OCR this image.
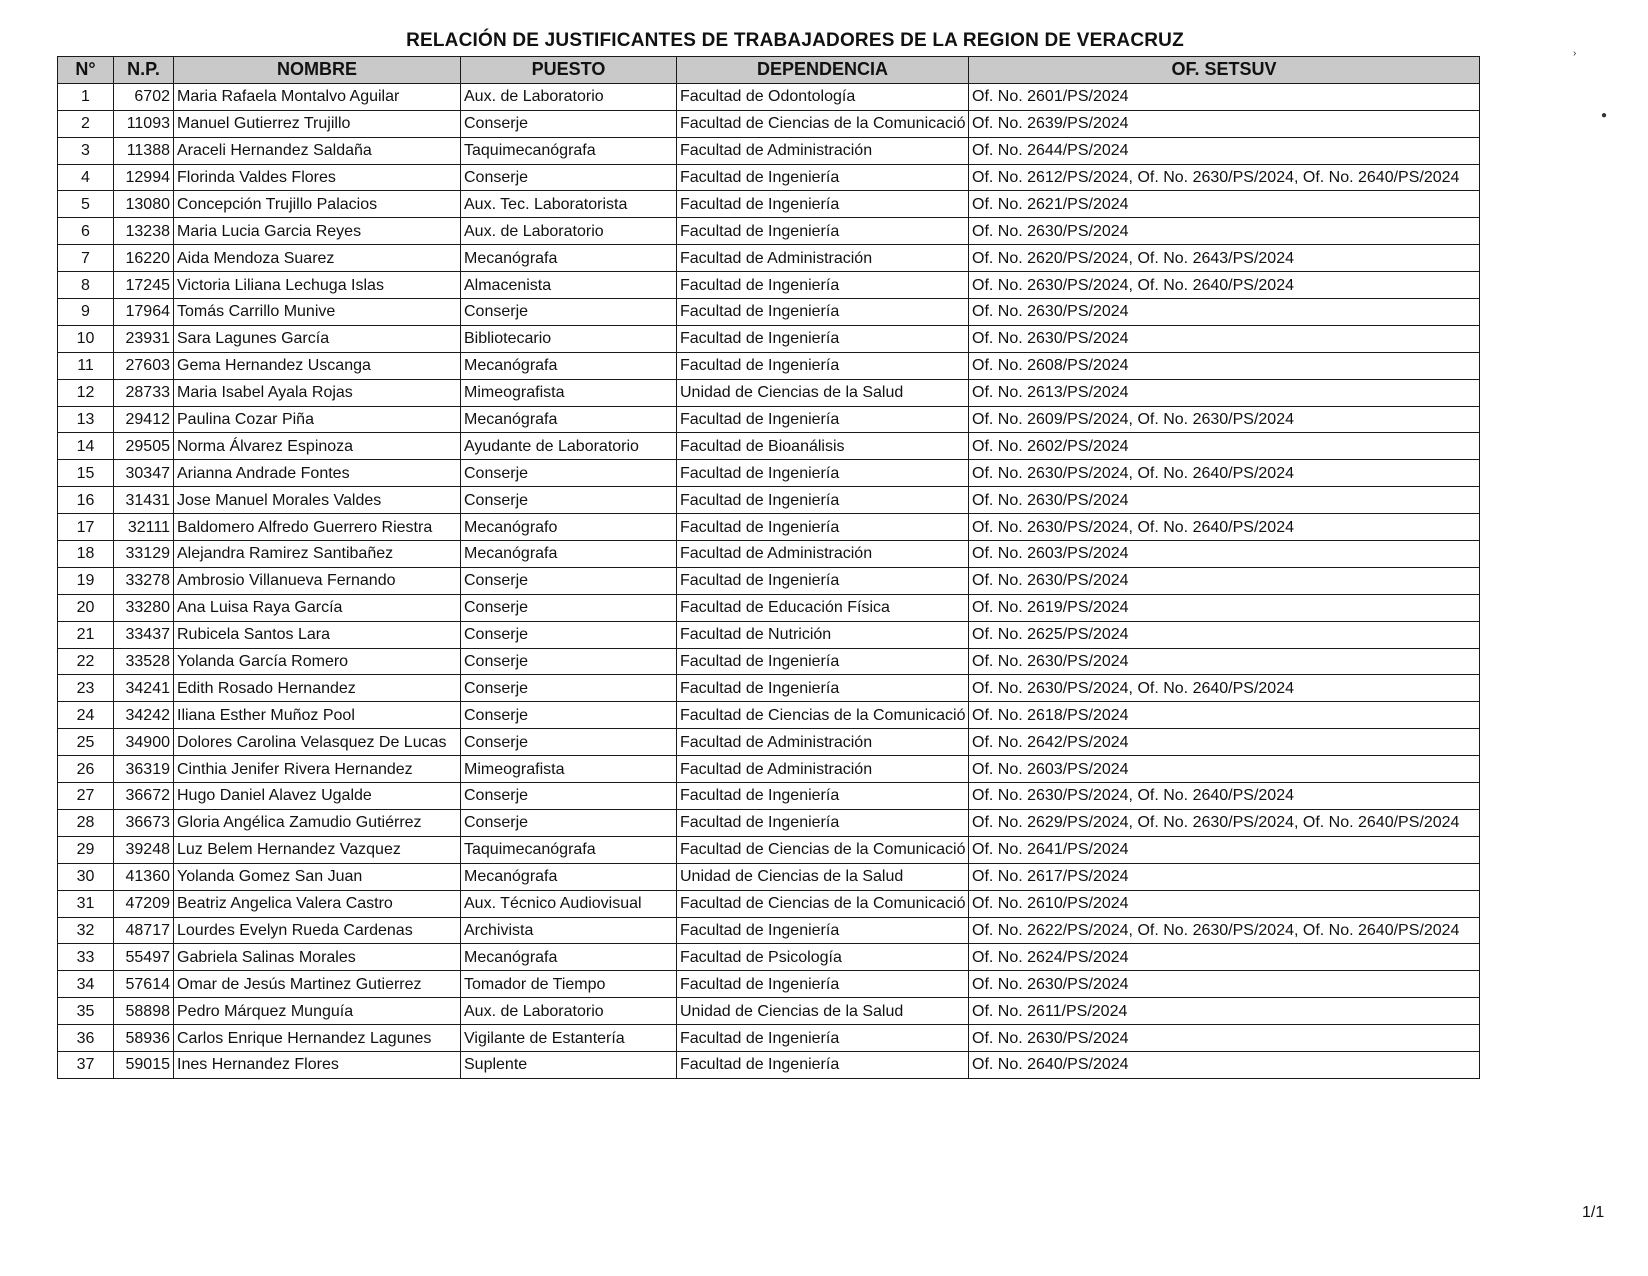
RELACIÓN DE JUSTIFICANTES DE TRABAJADORES DE LA REGION DE VERACRUZ
N°	N.P.	NOMBRE	PUESTO	DEPENDENCIA	OF. SETSUV
1	6702	Maria Rafaela Montalvo Aguilar	Aux. de Laboratorio	Facultad de Odontología	Of. No. 2601/PS/2024
2	11093	Manuel Gutierrez Trujillo	Conserje	Facultad de Ciencias de la Comunicació	Of. No. 2639/PS/2024
3	11388	Araceli Hernandez Saldaña	Taquimecanógrafa	Facultad de Administración	Of. No. 2644/PS/2024
4	12994	Florinda Valdes Flores	Conserje	Facultad de Ingeniería	Of. No. 2612/PS/2024, Of. No. 2630/PS/2024, Of. No. 2640/PS/2024
5	13080	Concepción Trujillo Palacios	Aux. Tec. Laboratorista	Facultad de Ingeniería	Of. No. 2621/PS/2024
6	13238	Maria Lucia Garcia Reyes	Aux. de Laboratorio	Facultad de Ingeniería	Of. No. 2630/PS/2024
7	16220	Aida Mendoza Suarez	Mecanógrafa	Facultad de Administración	Of. No. 2620/PS/2024, Of. No. 2643/PS/2024
8	17245	Victoria Liliana Lechuga Islas	Almacenista	Facultad de Ingeniería	Of. No. 2630/PS/2024, Of. No. 2640/PS/2024
9	17964	Tomás Carrillo Munive	Conserje	Facultad de Ingeniería	Of. No. 2630/PS/2024
10	23931	Sara Lagunes García	Bibliotecario	Facultad de Ingeniería	Of. No. 2630/PS/2024
11	27603	Gema Hernandez Uscanga	Mecanógrafa	Facultad de Ingeniería	Of. No. 2608/PS/2024
12	28733	Maria Isabel Ayala Rojas	Mimeografista	Unidad de Ciencias de la Salud	Of. No. 2613/PS/2024
13	29412	Paulina Cozar Piña	Mecanógrafa	Facultad de Ingeniería	Of. No. 2609/PS/2024, Of. No. 2630/PS/2024
14	29505	Norma Álvarez Espinoza	Ayudante de Laboratorio	Facultad de Bioanálisis	Of. No. 2602/PS/2024
15	30347	Arianna Andrade Fontes	Conserje	Facultad de Ingeniería	Of. No. 2630/PS/2024, Of. No. 2640/PS/2024
16	31431	Jose Manuel Morales Valdes	Conserje	Facultad de Ingeniería	Of. No. 2630/PS/2024
17	32111	Baldomero Alfredo Guerrero Riestra	Mecanógrafo	Facultad de Ingeniería	Of. No. 2630/PS/2024, Of. No. 2640/PS/2024
18	33129	Alejandra Ramirez Santibañez	Mecanógrafa	Facultad de Administración	Of. No. 2603/PS/2024
19	33278	Ambrosio Villanueva Fernando	Conserje	Facultad de Ingeniería	Of. No. 2630/PS/2024
20	33280	Ana Luisa Raya García	Conserje	Facultad de Educación Física	Of. No. 2619/PS/2024
21	33437	Rubicela Santos Lara	Conserje	Facultad de Nutrición	Of. No. 2625/PS/2024
22	33528	Yolanda García Romero	Conserje	Facultad de Ingeniería	Of. No. 2630/PS/2024
23	34241	Edith Rosado Hernandez	Conserje	Facultad de Ingeniería	Of. No. 2630/PS/2024, Of. No. 2640/PS/2024
24	34242	Iliana Esther Muñoz Pool	Conserje	Facultad de Ciencias de la Comunicació	Of. No. 2618/PS/2024
25	34900	Dolores Carolina Velasquez De Lucas	Conserje	Facultad de Administración	Of. No. 2642/PS/2024
26	36319	Cinthia Jenifer Rivera Hernandez	Mimeografista	Facultad de Administración	Of. No. 2603/PS/2024
27	36672	Hugo Daniel Alavez Ugalde	Conserje	Facultad de Ingeniería	Of. No. 2630/PS/2024, Of. No. 2640/PS/2024
28	36673	Gloria Angélica Zamudio Gutiérrez	Conserje	Facultad de Ingeniería	Of. No. 2629/PS/2024, Of. No. 2630/PS/2024, Of. No. 2640/PS/2024
29	39248	Luz Belem Hernandez Vazquez	Taquimecanógrafa	Facultad de Ciencias de la Comunicació	Of. No. 2641/PS/2024
30	41360	Yolanda Gomez San Juan	Mecanógrafa	Unidad de Ciencias de la Salud	Of. No. 2617/PS/2024
31	47209	Beatriz Angelica Valera Castro	Aux. Técnico Audiovisual	Facultad de Ciencias de la Comunicació	Of. No. 2610/PS/2024
32	48717	Lourdes Evelyn Rueda Cardenas	Archivista	Facultad de Ingeniería	Of. No. 2622/PS/2024, Of. No. 2630/PS/2024, Of. No. 2640/PS/2024
33	55497	Gabriela Salinas Morales	Mecanógrafa	Facultad de Psicología	Of. No. 2624/PS/2024
34	57614	Omar de Jesús Martinez Gutierrez	Tomador de Tiempo	Facultad de Ingeniería	Of. No. 2630/PS/2024
35	58898	Pedro Márquez Munguía	Aux. de Laboratorio	Unidad de Ciencias de la Salud	Of. No. 2611/PS/2024
36	58936	Carlos Enrique Hernandez Lagunes	Vigilante de Estantería	Facultad de Ingeniería	Of. No. 2630/PS/2024
37	59015	Ines Hernandez Flores	Suplente	Facultad de Ingeniería	Of. No. 2640/PS/2024
1/1
›
●
